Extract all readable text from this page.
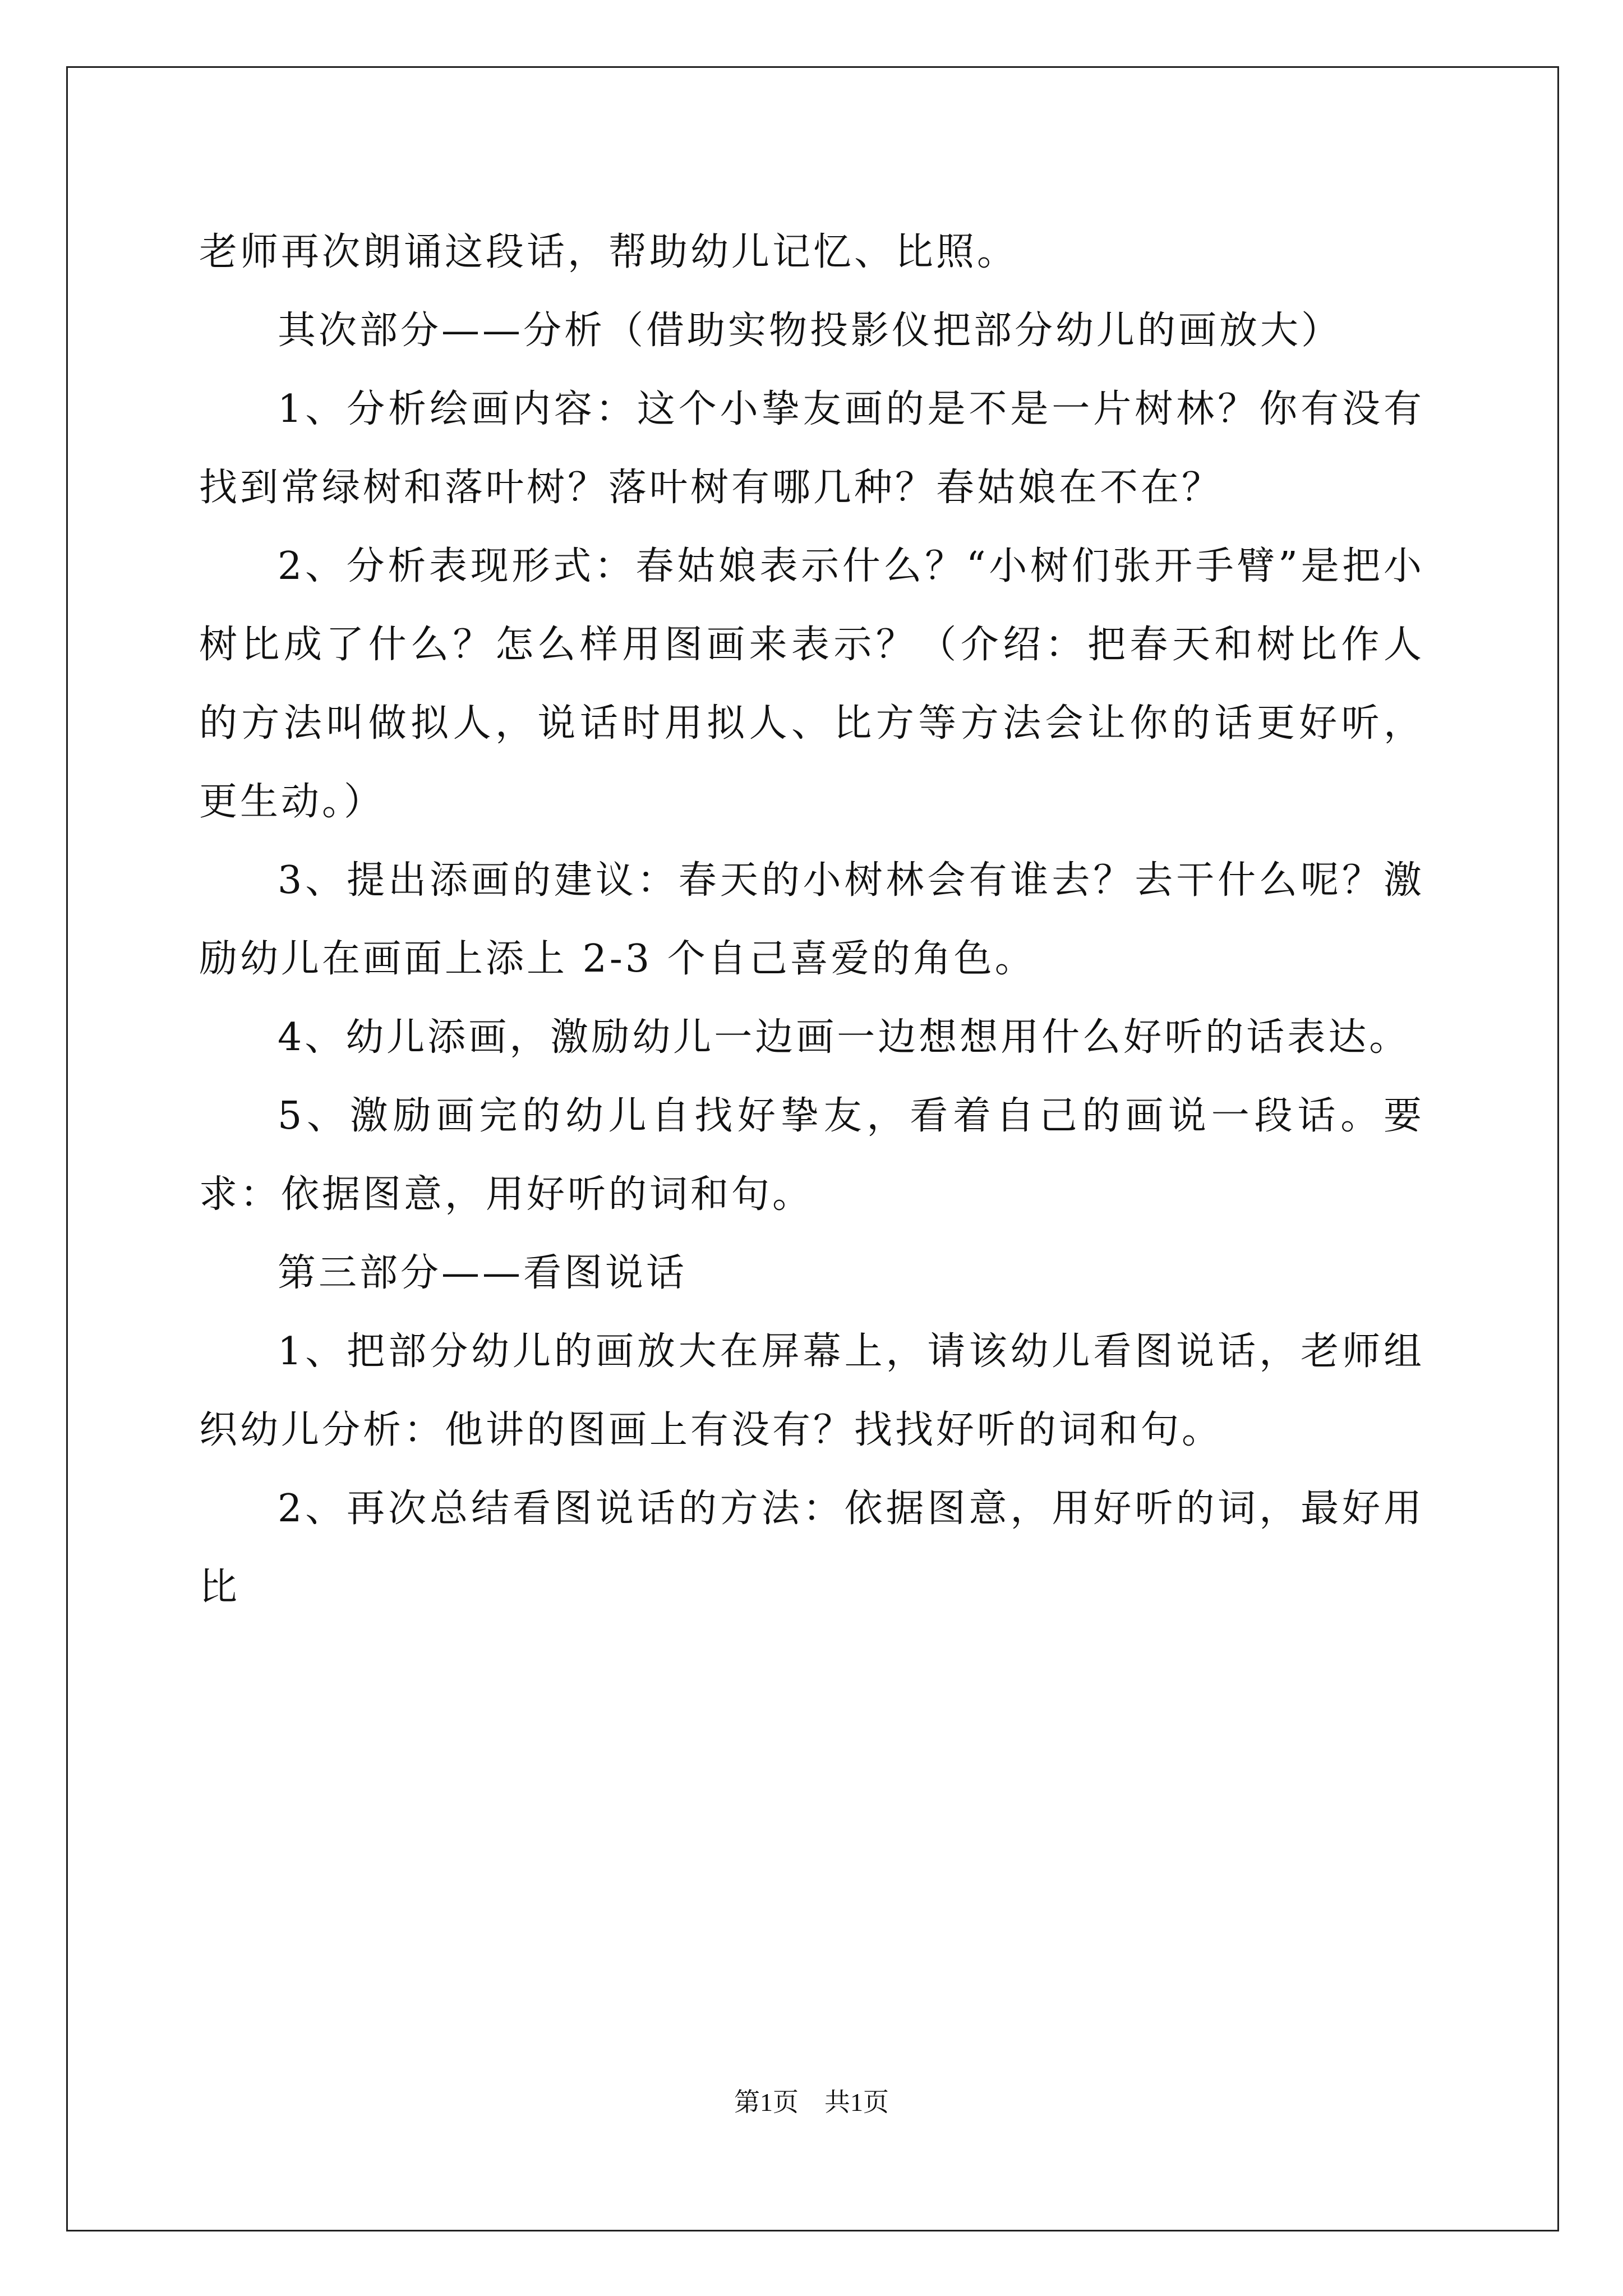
老师再次朗诵这段话，帮助幼儿记忆、比照。

其次部分——分析（借助实物投影仪把部分幼儿的画放大）

1、分析绘画内容：这个小挚友画的是不是一片树林？你有没有找到常绿树和落叶树？落叶树有哪几种？春姑娘在不在？

2、分析表现形式：春姑娘表示什么？“小树们张开手臂”是把小树比成了什么？怎么样用图画来表示？（介绍：把春天和树比作人的方法叫做拟人，说话时用拟人、比方等方法会让你的话更好听，更生动。）

3、提出添画的建议：春天的小树林会有谁去？去干什么呢？激励幼儿在画面上添上 2-3 个自己喜爱的角色。

4、幼儿添画，激励幼儿一边画一边想想用什么好听的话表达。

5、激励画完的幼儿自找好挚友，看着自己的画说一段话。要求：依据图意，用好听的词和句。

第三部分——看图说话

1、把部分幼儿的画放大在屏幕上，请该幼儿看图说话，老师组织幼儿分析：他讲的图画上有没有？找找好听的词和句。

2、再次总结看图说话的方法：依据图意，用好听的词，最好用比

第1页　共1页
